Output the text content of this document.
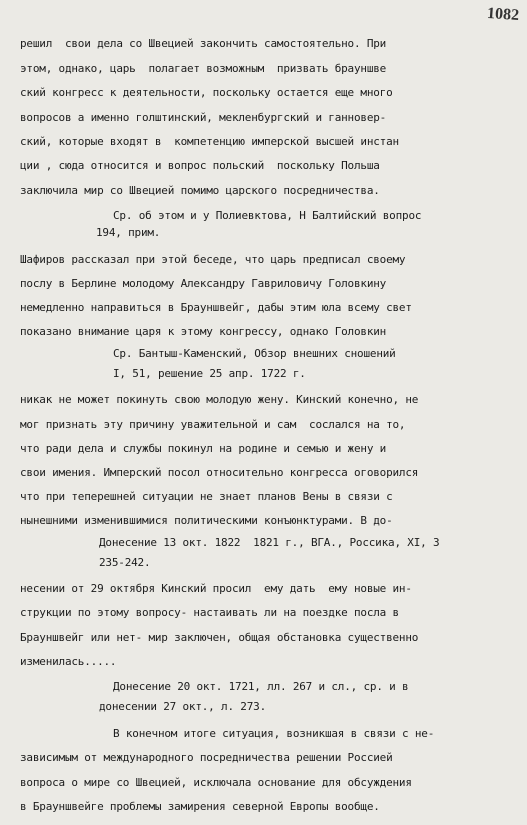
1082
решил  свои дела со Швецией закончить самостоятельно. При
этом, однако, царь  полагает возможным  призвать брауншве
ский конгресс к деятельности, поскольку остается еще много
вопросов а именно голштинский, мекленбургский и ганновер-
ский, которые входят в  компетенцию имперской высшей инстан
ции , сюда относится и вопрос польский  поскольку Польша
заключила мир со Швецией помимо царского посредничества.
Ср. об этом и у Полиевктова, Н Балтийский вопрос
194, прим.
Шафиров рассказал при этой беседе, что царь предписал своему
послу в Берлине молодому Александру Гавриловичу Головкину
немедленно направиться в Брауншвейг, дабы этим юла всему свет
показано внимание царя к этому конгрессу, однако Головкин
Ср. Бантыш-Каменский, Обзор внешних сношений
I, 51, решение 25 апр. 1722 г.
никак не может покинуть свою молодую жену. Кинский конечно, не
мог признать эту причину уважительной и сам  сослался на то,
что ради дела и службы покинул на родине и семью и жену и
свои имения. Имперский посол относительно конгресса оговорился
что при теперешней ситуации не знает планов Вены в связи с
нынешними изменившимися политическими конъюнктурами. В до-
Донесение 13 окт. 1822  1821 г., ВГА., Россика, XI, 3
235-242.
несении от 29 октября Кинский просил  ему дать  ему новые ин-
струкции по этому вопросу- настаивать ли на поездке посла в
Брауншвейг или нет- мир заключен, общая обстановка существенно
изменилась.....
Донесение 20 окт. 1721, лл. 267 и сл., ср. и в
донесении 27 окт., л. 273.
В конечном итоге ситуация, возникшая в связи с не-
зависимым от международного посредничества решении Россией
вопроса о мире со Швецией, исключала основание для обсуждения
в Брауншвейге проблемы замирения северной Европы вообще.
